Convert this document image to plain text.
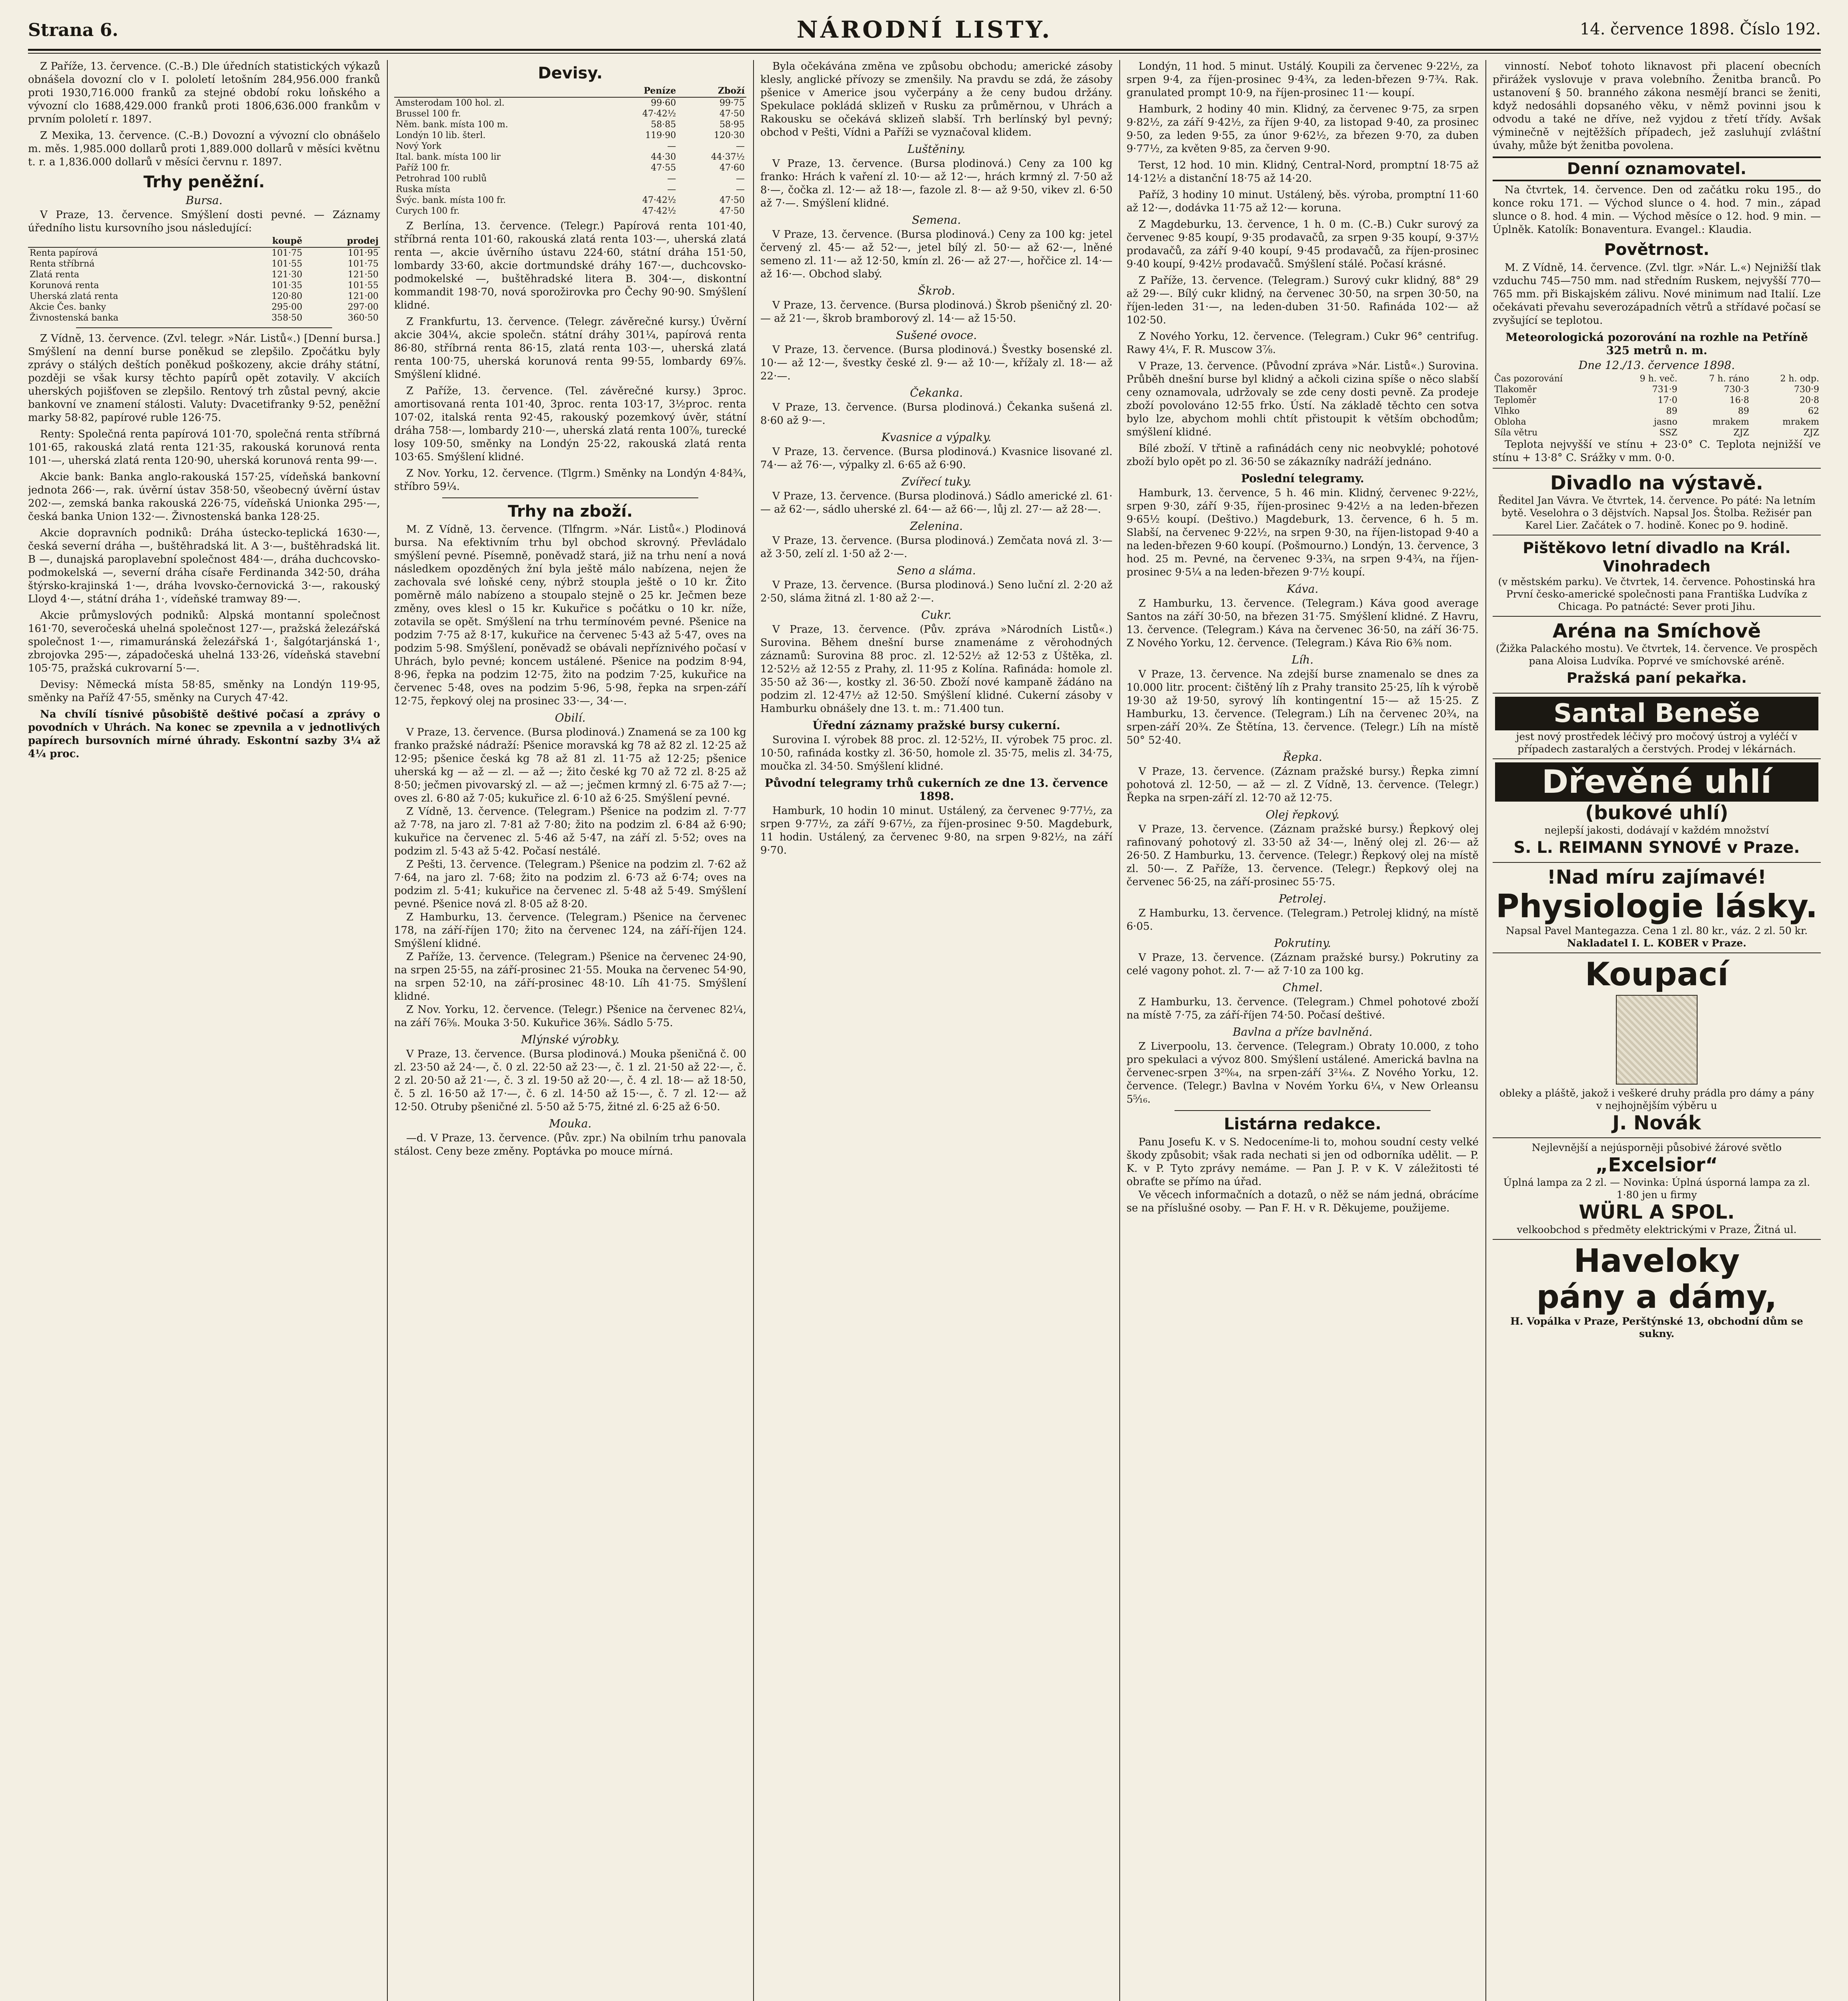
Strana 6.	NÁRODNÍ LISTY.	14. července 1898. Číslo 192.

Z Paříže, 13. července. (C.-B.) Dle úředních statistických výkazů obnášela dovozní clo v I. pololetí letošním 284,956.000 franků proti 1930,716.000 franků za stejné období roku loňského a vývozní clo 1688,429.000 franků proti 1806,636.000 frankům v prvním pololetí r. 1897.

Z Mexika, 13. července. (C.-B.) Dovozní a vývozní clo obnášelo m. měs. 1,985.000 dollarů proti 1,889.000 dollarů v měsíci květnu t. r. a 1,836.000 dollarů v měsíci červnu r. 1897.

Trhy peněžní.
Bursa.

V Praze, 13. července. Smýšlení dosti pevné. — Záznamy úředního listu kursovního jsou následující:

	koupě	prodej
Renta papírová	101·75	101·95
Renta stříbrná	101·55	101·75
Zlatá renta	121·30	121·50
Korunová renta	101·35	101·55
Uherská zlatá renta	120·80	121·00
Akcie Čes. banky	295·00	297·00
Živnostenská banka	358·50	360·50

Z Vídně, 13. července. (Zvl. telegr. »Nár. Listů«.) [Denní bursa.] Smýšlení na denní burse poněkud se zlepšilo. Zpočátku byly zprávy o stálých deštích poněkud poškozeny, akcie dráhy státní, později se však kursy těchto papírů opět zotavily. V akciích uherských pojišťoven se zlepšilo. Rentový trh zůstal pevný, akcie bankovní ve znamení stálosti. Valuty: Dvacetifranky 9·52, peněžní marky 58·82, papírové ruble 126·75.

Renty: Společná renta papírová 101·70, společná renta stříbrná 101·65, rakouská zlatá renta 121·35, rakouská korunová renta 101·—, uherská zlatá renta 120·90, uherská korunová renta 99·—.

Akcie bank: Banka anglo-rakouská 157·25, vídeňská bankovní jednota 266·—, rak. úvěrní ústav 358·50, všeobecný úvěrní ústav 202·—, zemská banka rakouská 226·75, vídeňská Unionka 295·—, česká banka Union 132·—. Živnostenská banka 128·25.

Akcie dopravních podniků: Dráha ústecko-teplická 1630·—, česká severní dráha —, buštěhradská lit. A 3·—, buštěhradská lit. B —, dunajská paroplavební společnost 484·—, dráha duchcovsko-podmokelská —, severní dráha císaře Ferdinanda 342·50, dráha štýrsko-krajinská 1·—, dráha lvovsko-černovická 3·—, rakouský Lloyd 4·—, státní dráha 1·, vídeňské tramway 89·—.

Akcie průmyslových podniků: Alpská montanní společnost 161·70, severočeská uhelná společnost 127·—, pražská železářská společnost 1·—, rimamuránská železářská 1·, šalgótarjánská 1·, zbrojovka 295·—, západočeská uhelná 133·26, vídeňská stavební 105·75, pražská cukrovarní 5·—.

Devisy: Německá místa 58·85, směnky na Londýn 119·95, směnky na Paříž 47·55, směnky na Curych 47·42.

Na chvílí tísnivé působiště deštivé počasí a zprávy o povodních v Uhrách. Na konec se zpevnila a v jednotlivých papírech bursovních mírné úhrady. Eskontní sazby 3¼ až 4¼ proc.

Devisy.
	Peníze	Zboží
Amsterodam 100 hol. zl.	99·60	99·75
Brussel 100 fr.	47·42½	47·50
Něm. bank. místa 100 m.	58·85	58·95
Londýn 10 lib. šterl.	119·90	120·30
Nový York	—	—
Ital. bank. místa 100 lir	44·30	44·37½
Paříž 100 fr.	47·55	47·60
Petrohrad 100 rublů	—	—
Ruska místa	—	—
Švýc. bank. místa 100 fr.	47·42½	47·50
Curych 100 fr.	47·42½	47·50

Z Berlína, 13. července. (Telegr.) Papírová renta 101·40, stříbrná renta 101·60, rakouská zlatá renta 103·—, uherská zlatá renta —, akcie úvěrního ústavu 224·60, státní dráha 151·50, lombardy 33·60, akcie dortmundské dráhy 167·—, duchcovsko-podmokelské —, buštěhradské litera B. 304·—, diskontní kommandit 198·70, nová sporožirovka pro Čechy 90·90. Smýšlení klidné.

Z Frankfurtu, 13. července. (Telegr. závěrečné kursy.) Úvěrní akcie 304¼, akcie společn. státní dráhy 301¼, papírová renta 86·80, stříbrná renta 86·15, zlatá renta 103·—, uherská zlatá renta 100·75, uherská korunová renta 99·55, lombardy 69⅞. Smýšlení klidné.

Z Paříže, 13. července. (Tel. závěrečné kursy.) 3proc. amortisovaná renta 101·40, 3proc. renta 103·17, 3½proc. renta 107·02, italská renta 92·45, rakouský pozemkový úvěr, státní dráha 758·—, lombardy 210·—, uherská zlatá renta 100⅞, turecké losy 109·50, směnky na Londýn 25·22, rakouská zlatá renta 103·65. Smýšlení klidné.

Z Nov. Yorku, 12. července. (Tlgrm.) Směnky na Londýn 4·84¾, stříbro 59¼.

Trhy na zboží.

M. Z Vídně, 13. července. (Tlfngrm. »Nár. Listů«.) Plodinová bursa. Na efektivním trhu byl obchod skrovný. Převládalo smýšlení pevné. Písemně, poněvadž stará, již na trhu není a nová následkem opozděných žní byla ještě málo nabízena, nejen že zachovala své loňské ceny, nýbrž stoupla ještě o 10 kr. Žito poměrně málo nabízeno a stoupalo stejně o 25 kr. Ječmen beze změny, oves klesl o 15 kr. Kukuřice s počátku o 10 kr. níže, zotavila se opět. Smýšlení na trhu termínovém pevné. Pšenice na podzim 7·75 až 8·17, kukuřice na červenec 5·43 až 5·47, oves na podzim 5·98. Smýšlení, poněvadž se obávali nepříznivého počasí v Uhrách, bylo pevné; koncem ustálené. Pšenice na podzim 8·94, 8·96, řepka na podzim 12·75, žito na podzim 7·25, kukuřice na červenec 5·48, oves na podzim 5·96, 5·98, řepka na srpen-září 12·75, řepkový olej na prosinec 33·—, 34·—.

Obilí.

V Praze, 13. července. (Bursa plodinová.) Znamená se za 100 kg franko pražské nádraží: Pšenice moravská kg 78 až 82 zl. 12·25 až 12·95; pšenice česká kg 78 až 81 zl. 11·75 až 12·25; pšenice uherská kg — až — zl. — až —; žito české kg 70 až 72 zl. 8·25 až 8·50; ječmen pivovarský zl. — až —; ječmen krmný zl. 6·75 až 7·—; oves zl. 6·80 až 7·05; kukuřice zl. 6·10 až 6·25. Smýšlení pevné.

Z Vídně, 13. července. (Telegram.) Pšenice na podzim zl. 7·77 až 7·78, na jaro zl. 7·81 až 7·80; žito na podzim zl. 6·84 až 6·90; kukuřice na červenec zl. 5·46 až 5·47, na září zl. 5·52; oves na podzim zl. 5·43 až 5·42. Počasí nestálé.

Z Pešti, 13. července. (Telegram.) Pšenice na podzim zl. 7·62 až 7·64, na jaro zl. 7·68; žito na podzim zl. 6·73 až 6·74; oves na podzim zl. 5·41; kukuřice na červenec zl. 5·48 až 5·49. Smýšlení pevné. Pšenice nová zl. 8·05 až 8·20.

Z Hamburku, 13. července. (Telegram.) Pšenice na červenec 178, na září-říjen 170; žito na červenec 124, na září-říjen 124. Smýšlení klidné.

Z Paříže, 13. července. (Telegram.) Pšenice na červenec 24·90, na srpen 25·55, na září-prosinec 21·55. Mouka na červenec 54·90, na srpen 52·10, na září-prosinec 48·10. Líh 41·75. Smýšlení klidné.

Z Nov. Yorku, 12. července. (Telegr.) Pšenice na červenec 82¼, na září 76⅝. Mouka 3·50. Kukuřice 36⅜. Sádlo 5·75.

Mlýnské výrobky.

V Praze, 13. července. (Bursa plodinová.) Mouka pšeničná č. 00 zl. 23·50 až 24·—, č. 0 zl. 22·50 až 23·—, č. 1 zl. 21·50 až 22·—, č. 2 zl. 20·50 až 21·—, č. 3 zl. 19·50 až 20·—, č. 4 zl. 18·— až 18·50, č. 5 zl. 16·50 až 17·—, č. 6 zl. 14·50 až 15·—, č. 7 zl. 12·— až 12·50. Otruby pšeničné zl. 5·50 až 5·75, žitné zl. 6·25 až 6·50.

Mouka.

—d. V Praze, 13. července. (Pův. zpr.) Na obilním trhu panovala stálost. Ceny beze změny. Poptávka po mouce mírná.

Byla očekávána změna ve způsobu obchodu; americké zásoby klesly, anglické přívozy se zmenšily. Na pravdu se zdá, že zásoby pšenice v Americe jsou vyčerpány a že ceny budou držány. Spekulace pokládá sklizeň v Rusku za průměrnou, v Uhrách a Rakousku se očekává sklizeň slabší. Trh berlínský byl pevný; obchod v Pešti, Vídni a Paříži se vyznačoval klidem.

Luštěniny.

V Praze, 13. července. (Bursa plodinová.) Ceny za 100 kg franko: Hrách k vaření zl. 10·— až 12·—, hrách krmný zl. 7·50 až 8·—, čočka zl. 12·— až 18·—, fazole zl. 8·— až 9·50, vikev zl. 6·50 až 7·—. Smýšlení klidné.

Semena.

V Praze, 13. července. (Bursa plodinová.) Ceny za 100 kg: jetel červený zl. 45·— až 52·—, jetel bílý zl. 50·— až 62·—, lněné semeno zl. 11·— až 12·50, kmín zl. 26·— až 27·—, hořčice zl. 14·— až 16·—. Obchod slabý.

Škrob.

V Praze, 13. července. (Bursa plodinová.) Škrob pšeničný zl. 20·— až 21·—, škrob bramborový zl. 14·— až 15·50.

Sušené ovoce.

V Praze, 13. července. (Bursa plodinová.) Švestky bosenské zl. 10·— až 12·—, švestky české zl. 9·— až 10·—, křížaly zl. 18·— až 22·—.

Čekanka.

V Praze, 13. července. (Bursa plodinová.) Čekanka sušená zl. 8·60 až 9·—.

Kvasnice a výpalky.

V Praze, 13. července. (Bursa plodinová.) Kvasnice lisované zl. 74·— až 76·—, výpalky zl. 6·65 až 6·90.

Zvířecí tuky.

V Praze, 13. července. (Bursa plodinová.) Sádlo americké zl. 61·— až 62·—, sádlo uherské zl. 64·— až 66·—, lůj zl. 27·— až 28·—.

Zelenina.

V Praze, 13. července. (Bursa plodinová.) Zemčata nová zl. 3·— až 3·50, zelí zl. 1·50 až 2·—.

Seno a sláma.

V Praze, 13. července. (Bursa plodinová.) Seno luční zl. 2·20 až 2·50, sláma žitná zl. 1·80 až 2·—.

Cukr.

V Praze, 13. července. (Pův. zpráva »Národních Listů«.) Surovina. Během dnešní burse znamenáme z věrohodných záznamů: Surovina 88 proc. zl. 12·52½ až 12·53 z Úštěka, zl. 12·52½ až 12·55 z Prahy, zl. 11·95 z Kolína. Rafináda: homole zl. 35·50 až 36·—, kostky zl. 36·50. Zboží nové kampaně žádáno na podzim zl. 12·47½ až 12·50. Smýšlení klidné. Cukerní zásoby v Hamburku obnášely dne 13. t. m.: 71.400 tun.

Úřední záznamy pražské bursy cukerní.

Surovina I. výrobek 88 proc. zl. 12·52½, II. výrobek 75 proc. zl. 10·50, rafináda kostky zl. 36·50, homole zl. 35·75, melis zl. 34·75, moučka zl. 34·50. Smýšlení klidné.

Původní telegramy trhů cukerních ze dne 13. července 1898.

Hamburk, 10 hodin 10 minut. Ustálený, za červenec 9·77½, za srpen 9·77½, za září 9·67½, za říjen-prosinec 9·50. Magdeburk, 11 hodin. Ustálený, za červenec 9·80, na srpen 9·82½, na září 9·70.

Londýn, 11 hod. 5 minut. Ustálý. Koupili za červenec 9·22½, za srpen 9·4, za říjen-prosinec 9·4¾, za leden-březen 9·7¾. Rak. granulated prompt 10·9, na říjen-prosinec 11·— koupí.

Hamburk, 2 hodiny 40 min. Klidný, za červenec 9·75, za srpen 9·82½, za září 9·42½, za říjen 9·40, za listopad 9·40, za prosinec 9·50, za leden 9·55, za únor 9·62½, za březen 9·70, za duben 9·77½, za květen 9·85, za červen 9·90.

Terst, 12 hod. 10 min. Klidný, Central-Nord, promptní 18·75 až 14·12½ a distanční 18·75 až 14·20.

Paříž, 3 hodiny 10 minut. Ustálený, běs. výroba, promptní 11·60 až 12·—, dodávka 11·75 až 12·— koruna.

Z Magdeburku, 13. července, 1 h. 0 m. (C.-B.) Cukr surový za červenec 9·85 koupí, 9·35 prodavačů, za srpen 9·35 koupí, 9·37½ prodavačů, za září 9·40 koupí, 9·45 prodavačů, za říjen-prosinec 9·40 koupí, 9·42½ prodavačů. Smýšlení stálé. Počasí krásné.

Z Paříže, 13. července. (Telegram.) Surový cukr klidný, 88° 29 až 29·—. Bílý cukr klidný, na červenec 30·50, na srpen 30·50, na říjen-leden 31·—, na leden-duben 31·50. Rafináda 102·— až 102·50.

Z Nového Yorku, 12. července. (Telegram.) Cukr 96° centrifug. Rawy 4¼, F. R. Muscow 3⅞.

V Praze, 13. července. (Původní zpráva »Nár. Listů«.) Surovina. Průběh dnešní burse byl klidný a ačkoli cizina spíše o něco slabší ceny oznamovala, udržovaly se zde ceny dosti pevně. Za prodeje zboží povolováno 12·55 frko. Ústí. Na základě těchto cen sotva bylo lze, abychom mohli chtít přistoupit k větším obchodům; smýšlení klidné.

Bílé zboží. V třtině a rafinádách ceny nic neobvyklé; pohotové zboží bylo opět po zl. 36·50 se zákazníky nadráží jednáno.

Poslední telegramy.

Hamburk, 13. července, 5 h. 46 min. Klidný, červenec 9·22½, srpen 9·30, září 9·35, říjen-prosinec 9·42½ a na leden-březen 9·65½ koupí. (Deštivo.) Magdeburk, 13. července, 6 h. 5 m. Slabší, na červenec 9·22½, na srpen 9·30, na říjen-listopad 9·40 a na leden-březen 9·60 koupí. (Pošmourno.) Londýn, 13. července, 3 hod. 25 m. Pevné, na červenec 9·3¾, na srpen 9·4¾, na říjen-prosinec 9·5¼ a na leden-březen 9·7½ koupí.

Káva.

Z Hamburku, 13. července. (Telegram.) Káva good average Santos na září 30·50, na březen 31·75. Smýšlení klidné. Z Havru, 13. července. (Telegram.) Káva na červenec 36·50, na září 36·75. Z Nového Yorku, 12. července. (Telegram.) Káva Rio 6⅜ nom.

Líh.

V Praze, 13. července. Na zdejší burse znamenalo se dnes za 10.000 litr. procent: čištěný líh z Prahy transito 25·25, líh k výrobě 19·30 až 19·50, syrový líh kontingentní 15·— až 15·25. Z Hamburku, 13. července. (Telegram.) Líh na červenec 20¾, na srpen-září 20¾. Ze Štětína, 13. července. (Telegr.) Líh na místě 50° 52·40.

Řepka.

V Praze, 13. července. (Záznam pražské bursy.) Řepka zimní pohotová zl. 12·50, — až — zl. Z Vídně, 13. července. (Telegr.) Řepka na srpen-září zl. 12·70 až 12·75.

Olej řepkový.

V Praze, 13. července. (Záznam pražské bursy.) Řepkový olej rafinovaný pohotový zl. 33·50 až 34·—, lněný olej zl. 26·— až 26·50. Z Hamburku, 13. července. (Telegr.) Řepkový olej na místě zl. 50·—. Z Paříže, 13. července. (Telegr.) Řepkový olej na červenec 56·25, na září-prosinec 55·75.

Petrolej.

Z Hamburku, 13. července. (Telegram.) Petrolej klidný, na místě 6·05.

Pokrutiny.

V Praze, 13. července. (Záznam pražské bursy.) Pokrutiny za celé vagony pohot. zl. 7·— až 7·10 za 100 kg.

Chmel.

Z Hamburku, 13. července. (Telegram.) Chmel pohotové zboží na místě 7·75, za září-říjen 74·50. Počasí deštivé.

Bavlna a příze bavlněná.

Z Liverpoolu, 13. července. (Telegram.) Obraty 10.000, z toho pro spekulaci a vývoz 800. Smýšlení ustálené. Americká bavlna na červenec-srpen 3²⁰⁄₆₄, na srpen-září 3²¹⁄₆₄. Z Nového Yorku, 12. července. (Telegr.) Bavlna v Novém Yorku 6¼, v New Orleansu 5⁵⁄₁₆.

Listárna redakce.

Panu Josefu K. v S. Nedoceníme-li to, mohou soudní cesty velké škody způsobit; však rada nechati si jen od odborníka udělit. — P. K. v P. Tyto zprávy nemáme. — Pan J. P. v K. V záležitosti té obraťte se přímo na úřad.

Ve věcech informačních a dotazů, o něž se nám jedná, obrácíme se na příslušné osoby. — Pan F. H. v R. Děkujeme, použijeme.

vinností. Neboť tohoto liknavost při placení obecních přirážek vyslovuje v prava volebního. Ženitba branců. Po ustanovení § 50. branného zákona nesmějí branci se ženiti, když nedosáhli dopsaného věku, v němž povinni jsou k odvodu a také ne dříve, než vyjdou z třetí třídy. Avšak výminečně v nejtěžších případech, jež zasluhují zvláštní úvahy, může být ženitba povolena.

Denní oznamovatel.

Na čtvrtek, 14. července. Den od začátku roku 195., do konce roku 171. — Východ slunce o 4. hod. 7 min., západ slunce o 8. hod. 4 min. — Východ měsíce o 12. hod. 9 min. — Úplněk. Katolík: Bonaventura. Evangel.: Klaudia.

Povětrnost.

M. Z Vídně, 14. července. (Zvl. tlgr. »Nár. L.«) Nejnižší tlak vzduchu 745—750 mm. nad středním Ruskem, nejvyšší 770—765 mm. při Biskajském zálivu. Nové minimum nad Italií. Lze očekávati převahu severozápadních větrů a střídavé počasí se zvyšující se teplotou.

Meteorologická pozorování na rozhle na Petříně 325 metrů n. m.
Dne 12./13. července 1898.
Čas pozorování	9 h. več.	7 h. ráno	2 h. odp.
Tlakoměr	731·9	730·3	730·9
Teploměr	17·0	16·8	20·8
Vlhko	89	89	62
Obloha	jasno	mrakem	mrakem
Síla větru	SSZ	ZJZ	ZJZ

Teplota nejvyšší ve stínu + 23·0° C. Teplota nejnižší ve stínu + 13·8° C. Srážky v mm. 0·0.

Divadlo na výstavě.
Ředitel Jan Vávra. Ve čtvrtek, 14. července. Po páté: Na letním bytě. Veselohra o 3 dějstvích. Napsal Jos. Štolba. Režisér pan Karel Lier. Začátek o 7. hodině. Konec po 9. hodině.
Pištěkovo letní divadlo na Král. Vinohradech
(v městském parku). Ve čtvrtek, 14. července. Pohostinská hra První česko-americké společnosti pana Františka Ludvíka z Chicaga. Po patnácté: Sever proti Jihu.
Aréna na Smíchově
(Žižka Palackého mostu). Ve čtvrtek, 14. července. Ve prospěch pana Aloisa Ludvíka. Poprvé ve smíchovské aréně.
Pražská paní pekařka.
Santal Beneše
jest nový prostředek léčivý pro močový ústroj a vyléčí v případech zastaralých a čerstvých. Prodej v lékárnách.
Dřevěné uhlí
(bukové uhlí)
nejlepší jakosti, dodávají v každém množství
S. L. REIMANN SYNOVÉ v Praze.
!Nad míru zajímavé!
Physiologie lásky.
Napsal Pavel Mantegazza. Cena 1 zl. 80 kr., váz. 2 zl. 50 kr.
Nakladatel I. L. KOBER v Praze.
Koupací
obleky a pláště, jakož i veškeré druhy prádla pro dámy a pány v nejhojnějším výběru u
J. Novák
Nejlevnější a nejúsporněji působivé žárové světlo
„Excelsior“
Úplná lampa za 2 zl. — Novinka: Úplná úsporná lampa za zl. 1·80 jen u firmy
WÜRL A SPOL.
velkoobchod s předměty elektrickými v Praze, Žitná ul.
Haveloky
pány a dámy,
H. Vopálka v Praze, Perštýnské 13, obchodní dům se sukny.
